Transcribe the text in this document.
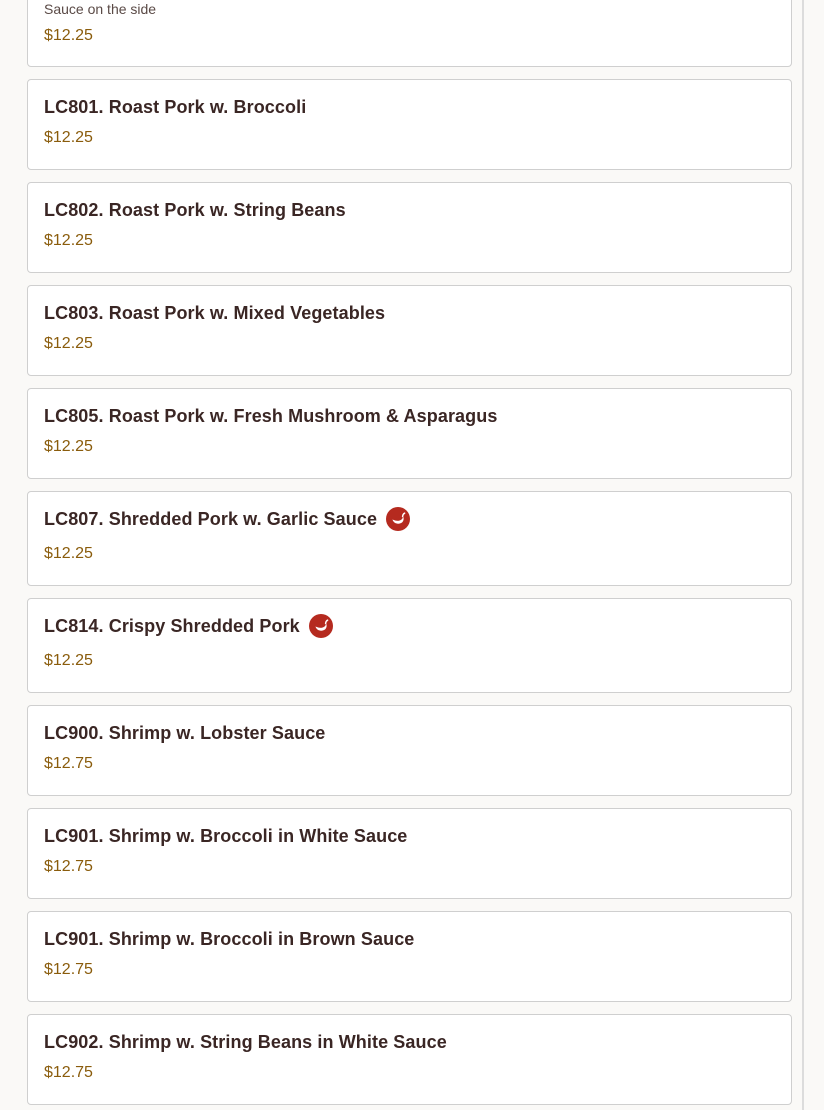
Sauce on the side
$12.25
LC801. Roast Pork w. Broccoli
$12.25
LC802. Roast Pork w. String Beans
$12.25
LC803. Roast Pork w. Mixed Vegetables
$12.25
LC805. Roast Pork w. Fresh Mushroom & Asparagus
$12.25
LC807. Shredded Pork w. Garlic Sauce
$12.25
LC814. Crispy Shredded Pork
$12.25
LC900. Shrimp w. Lobster Sauce
$12.75
LC901. Shrimp w. Broccoli in White Sauce
$12.75
LC901. Shrimp w. Broccoli in Brown Sauce
$12.75
LC902. Shrimp w. String Beans in White Sauce
$12.75
